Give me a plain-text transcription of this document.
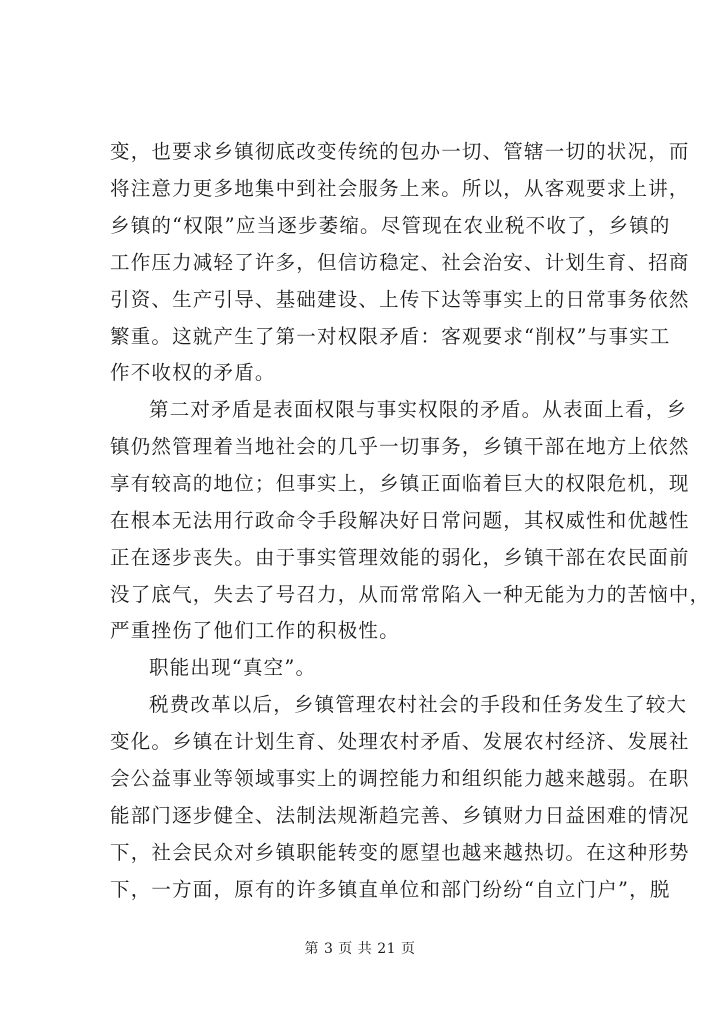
变，也要求乡镇彻底改变传统的包办一切、管辖一切的状况，而
将注意力更多地集中到社会服务上来。所以，从客观要求上讲，
乡镇的“权限”应当逐步萎缩。尽管现在农业税不收了，乡镇的
工作压力减轻了许多，但信访稳定、社会治安、计划生育、招商
引资、生产引导、基础建设、上传下达等事实上的日常事务依然
繁重。这就产生了第一对权限矛盾：客观要求“削权”与事实工
作不收权的矛盾。
第二对矛盾是表面权限与事实权限的矛盾。从表面上看，乡
镇仍然管理着当地社会的几乎一切事务，乡镇干部在地方上依然
享有较高的地位；但事实上，乡镇正面临着巨大的权限危机，现
在根本无法用行政命令手段解决好日常问题，其权威性和优越性
正在逐步丧失。由于事实管理效能的弱化，乡镇干部在农民面前
没了底气，失去了号召力，从而常常陷入一种无能为力的苦恼中，
严重挫伤了他们工作的积极性。
职能出现“真空”。
税费改革以后，乡镇管理农村社会的手段和任务发生了较大
变化。乡镇在计划生育、处理农村矛盾、发展农村经济、发展社
会公益事业等领域事实上的调控能力和组织能力越来越弱。在职
能部门逐步健全、法制法规渐趋完善、乡镇财力日益困难的情况
下，社会民众对乡镇职能转变的愿望也越来越热切。在这种形势
下，一方面，原有的许多镇直单位和部门纷纷“自立门户”，脱
第 3 页 共 21 页
